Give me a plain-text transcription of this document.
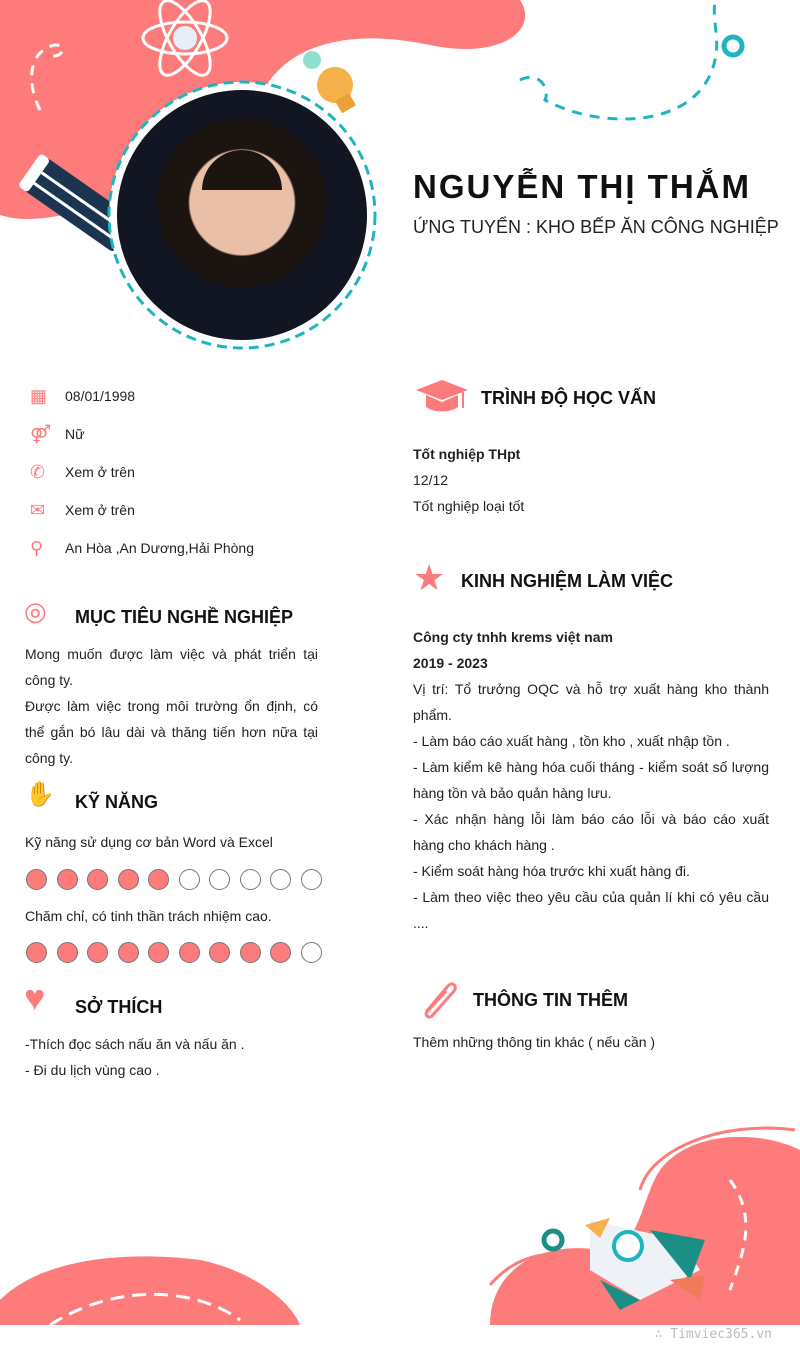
NGUYỄN THỊ THẮM
ỨNG TUYỂN : KHO BẾP ĂN CÔNG NGHIỆP
▦	08/01/1998
⚤ Nữ
✆	Xem ở trên
✉	Xem ở trên
⚲	An Hòa ,An Dương,Hải Phòng
◎ MỤC TIÊU NGHỀ NGHIỆP
Mong muốn được làm việc và phát triển tại công ty.
Được làm việc trong môi trường ổn định, có thể gắn bó lâu dài và thăng tiến hơn nữa tại công ty.
✋ KỸ NĂNG
Kỹ năng sử dụng cơ bản Word và Excel
Chăm chỉ, có tinh thần trách nhiệm cao.
♥ SỞ THÍCH
-Thích đọc sách nấu ăn và nấu ăn .
- Đi du lịch vùng cao .
TRÌNH ĐỘ HỌC VẤN
Tốt nghiệp THpt
12/12
Tốt nghiệp loại tốt
★ KINH NGHIỆM LÀM VIỆC
Công cty tnhh krems việt nam
2019 - 2023
Vị trí: Tổ trưởng OQC và hỗ trợ xuất hàng kho thành phẩm.
- Làm báo cáo xuất hàng , tồn kho , xuất nhập tồn .
- Làm kiểm kê hàng hóa cuối tháng - kiểm soát số lượng hàng tồn và bảo quản hàng lưu.
- Xác nhận hàng lỗi làm báo cáo lỗi và báo cáo xuất hàng cho khách hàng .
- Kiểm soát hàng hóa trước khi xuất hàng đi.
- Làm theo việc theo yêu cầu của quản lí khi có yêu cầu ....
THÔNG TIN THÊM
Thêm những thông tin khác ( nếu cần )
∴ Timviec365.vn
